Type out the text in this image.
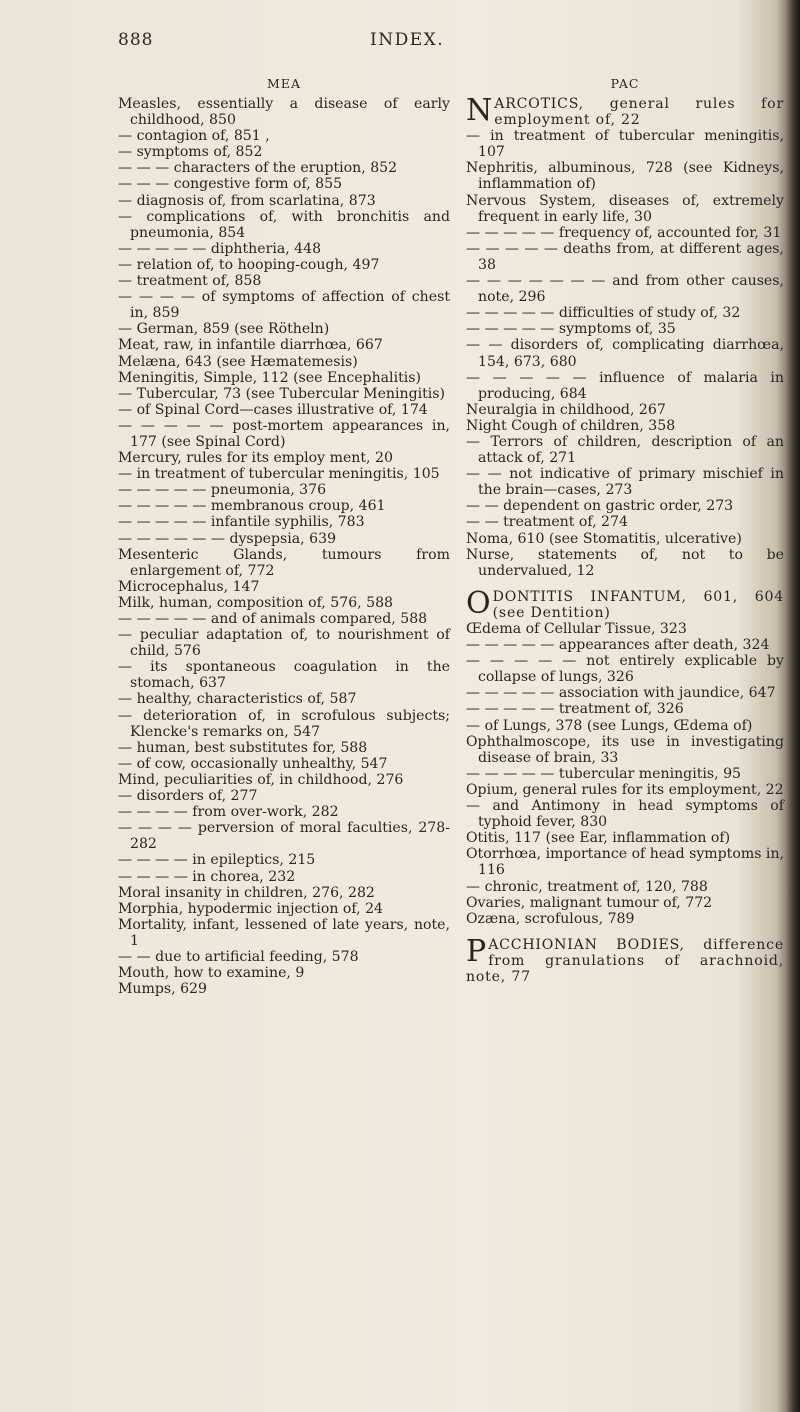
888	INDEX.
MEA

Measles, essentially a disease of early childhood, 850

— contagion of, 851 ,

— symptoms of, 852

— — — characters of the eruption, 852

— — — congestive form of, 855

— diagnosis of, from scarlatina, 873

— complications of, with bronchitis and pneumonia, 854

— — — — — diphtheria, 448

— relation of, to hooping-cough, 497

— treatment of, 858

— — — — of symptoms of affection of chest in, 859

— German, 859 (see Rötheln)

Meat, raw, in infantile diarrhœa, 667

Melæna, 643 (see Hæmatemesis)

Meningitis, Simple, 112 (see Encephalitis)

— Tubercular, 73 (see Tubercular Meningitis)

— of Spinal Cord—cases illustrative of, 174

— — — — — post-mortem appearances in, 177 (see Spinal Cord)

Mercury, rules for its employ ment, 20

— in treatment of tubercular meningitis, 105

— — — — — pneumonia, 376

— — — — — membranous croup, 461

— — — — — infantile syphilis, 783

— — — — — — dyspepsia, 639

Mesenteric Glands, tumours from enlargement of, 772

Microcephalus, 147

Milk, human, composition of, 576, 588

— — — — — and of animals compared, 588

— peculiar adaptation of, to nourishment of child, 576

— its spontaneous coagulation in the stomach, 637

— healthy, characteristics of, 587

— deterioration of, in scrofulous subjects; Klencke's remarks on, 547

— human, best substitutes for, 588

— of cow, occasionally unhealthy, 547

Mind, peculiarities of, in childhood, 276

— disorders of, 277

— — — — from over-work, 282

— — — — perversion of moral faculties, 278-282

— — — — in epileptics, 215

— — — — in chorea, 232

Moral insanity in children, 276, 282

Morphia, hypodermic injection of, 24

Mortality, infant, lessened of late years, note, 1

— — due to artificial feeding, 578

Mouth, how to examine, 9

Mumps, 629

PAC

NARCOTICS, general rules for employment of, 22

— in treatment of tubercular meningitis, 107

Nephritis, albuminous, 728 (see Kidneys, inflammation of)

Nervous System, diseases of, extremely frequent in early life, 30

— — — — — frequency of, accounted for, 31

— — — — — deaths from, at different ages, 38

— — — — — — — and from other causes, note, 296

— — — — — difficulties of study of, 32

— — — — — symptoms of, 35

— — disorders of, complicating diarrhœa, 154, 673, 680

— — — — — influence of malaria in producing, 684

Neuralgia in childhood, 267

Night Cough of children, 358

— Terrors of children, description of an attack of, 271

— — not indicative of primary mischief in the brain—cases, 273

— — dependent on gastric order, 273

— — treatment of, 274

Noma, 610 (see Stomatitis, ulcerative)

Nurse, statements of, not to be undervalued, 12

ODONTITIS INFANTUM, 601, 604 (see Dentition)

Œdema of Cellular Tissue, 323

— — — — — appearances after death, 324

— — — — — not entirely explicable by collapse of lungs, 326

— — — — — association with jaundice, 647

— — — — — treatment of, 326

— of Lungs, 378 (see Lungs, Œdema of)

Ophthalmoscope, its use in investigating disease of brain, 33

— — — — — tubercular meningitis, 95

Opium, general rules for its employment, 22

— and Antimony in head symptoms of typhoid fever, 830

Otitis, 117 (see Ear, inflammation of)

Otorrhœa, importance of head symptoms in, 116

— chronic, treatment of, 120, 788

Ovaries, malignant tumour of, 772

Ozæna, scrofulous, 789

PACCHIONIAN BODIES, difference from granulations of arachnoid, note, 77
